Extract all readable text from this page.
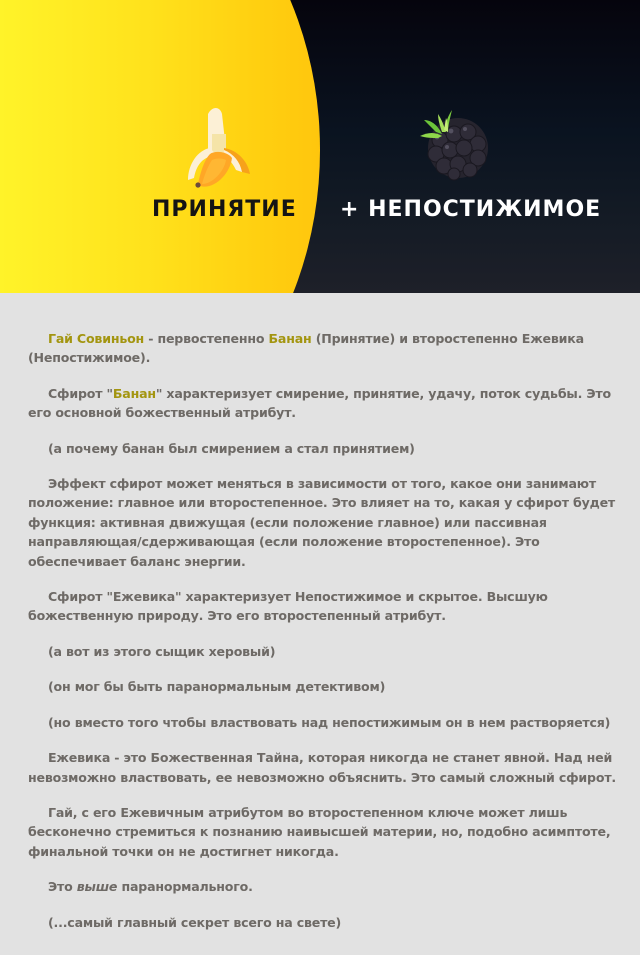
ПРИНЯТИЕ + НЕПОСТИЖИМОЕ

Гай Совиньон - первостепенно Банан (Принятие) и второстепенно Ежевика (Непостижимое).

Сфирот "Банан" характеризует смирение, принятие, удачу, поток судьбы. Это его основной божественный атрибут.

(а почему банан был смирением а стал принятием)

Эффект сфирот может меняться в зависимости от того, какое они занимают положение: главное или второстепенное. Это влияет на то, какая у сфирот будет функция: активная движущая (если положение главное) или пассивная направляющая/сдерживающая (если положение второстепенное). Это обеспечивает баланс энергии.

Сфирот "Ежевика" характеризует Непостижимое и скрытое. Высшую божественную природу. Это его второстепенный атрибут.

(а вот из этого сыщик херовый)

(он мог бы быть паранормальным детективом)

(но вместо того чтобы властвовать над непостижимым он в нем растворяется)

Ежевика - это Божественная Тайна, которая никогда не станет явной. Над ней невозможно властвовать, ее невозможно объяснить. Это самый сложный сфирот.

Гай, с его Ежевичным атрибутом во второстепенном ключе может лишь бесконечно стремиться к познанию наивысшей материи, но, подобно асимптоте, финальной точки он не достигнет никогда.

Это выше паранормального.

(...самый главный секрет всего на свете)
